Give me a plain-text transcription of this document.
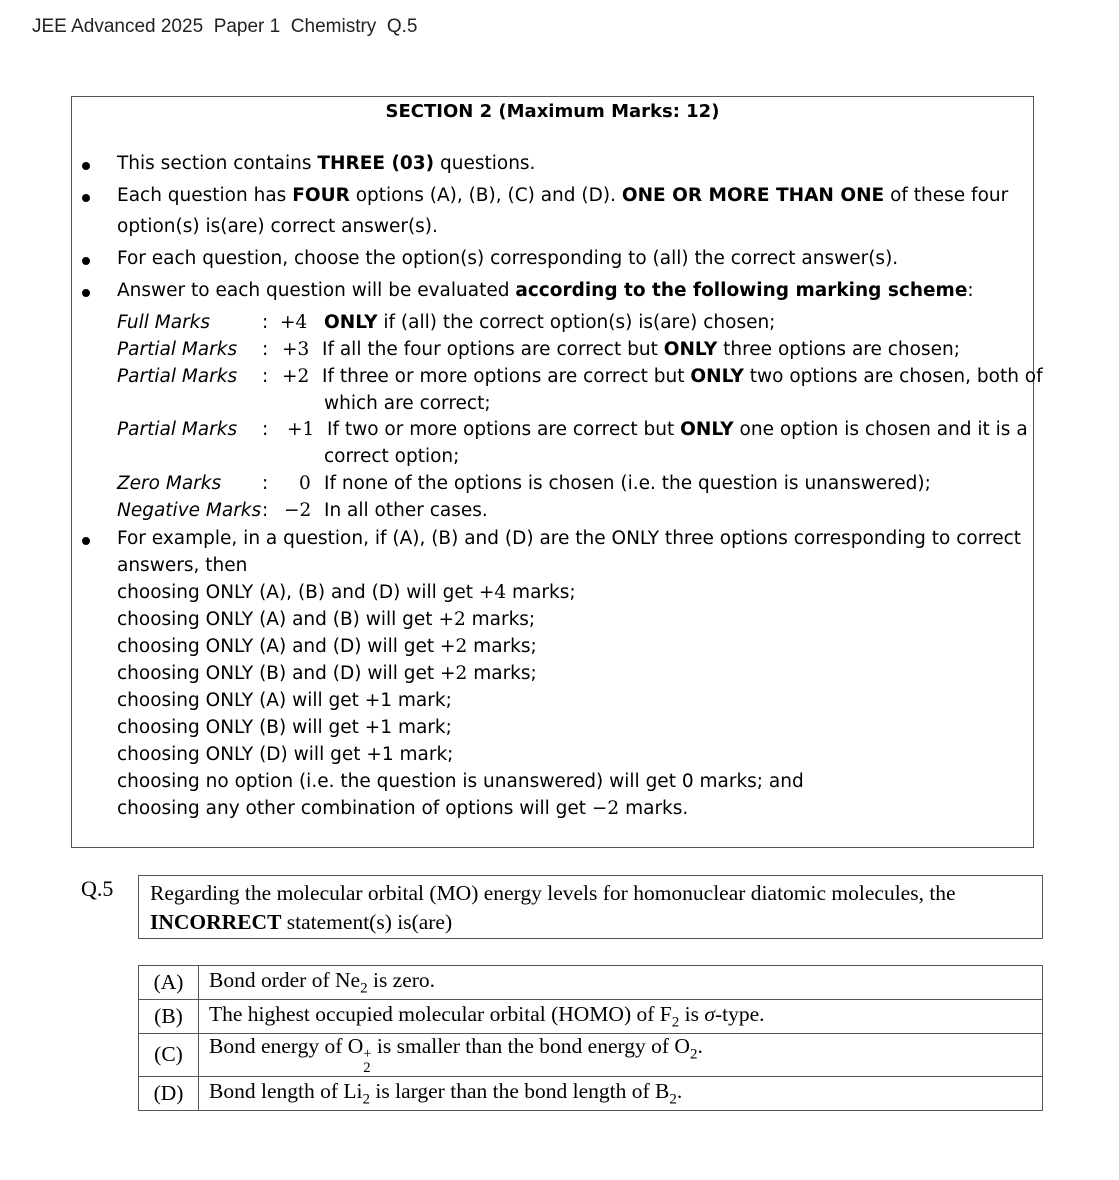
JEE Advanced 2025  Paper 1  Chemistry  Q.5
SECTION 2 (Maximum Marks: 12)
This section contains THREE (03) questions.
Each question has FOUR options (A), (B), (C) and (D). ONE OR MORE THAN ONE of these four
option(s) is(are) correct answer(s).
For each question, choose the option(s) corresponding to (all) the correct answer(s).
Answer to each question will be evaluated according to the following marking scheme:
Full Marks	: +4 ONLY if (all) the correct option(s) is(are) chosen;
Partial Marks : +3 If all the four options are correct but ONLY three options are chosen;
Partial Marks : +2 If three or more options are correct but ONLY two options are chosen, both of
which are correct;
Partial Marks : +1 If two or more options are correct but ONLY one option is chosen and it is a
correct option;
Zero Marks : 0 If none of the options is chosen (i.e. the question is unanswered);
Negative Marks : −2 In all other cases.
For example, in a question, if (A), (B) and (D) are the ONLY three options corresponding to correct
answers, then
choosing ONLY (A), (B) and (D) will get +4 marks;
choosing ONLY (A) and (B) will get +2 marks;
choosing ONLY (A) and (D) will get +2 marks;
choosing ONLY (B) and (D) will get +2 marks;
choosing ONLY (A) will get +1 mark;
choosing ONLY (B) will get +1 mark;
choosing ONLY (D) will get +1 mark;
choosing no option (i.e. the question is unanswered) will get 0 marks; and
choosing any other combination of options will get −2 marks.
Q.5	Regarding the molecular orbital (MO) energy levels for homonuclear diatomic molecules, the
INCORRECT statement(s) is(are)
(A)	Bond order of $Ne_2$ is zero.
(B)	The highest occupied molecular orbital (HOMO) of $F_2$ is σ-type.
(C)	Bond energy of O +
2
is smaller than the bond energy of $O_2$.
(D)	Bond length of $Li_2$ is larger than the bond length of $B_2$.
